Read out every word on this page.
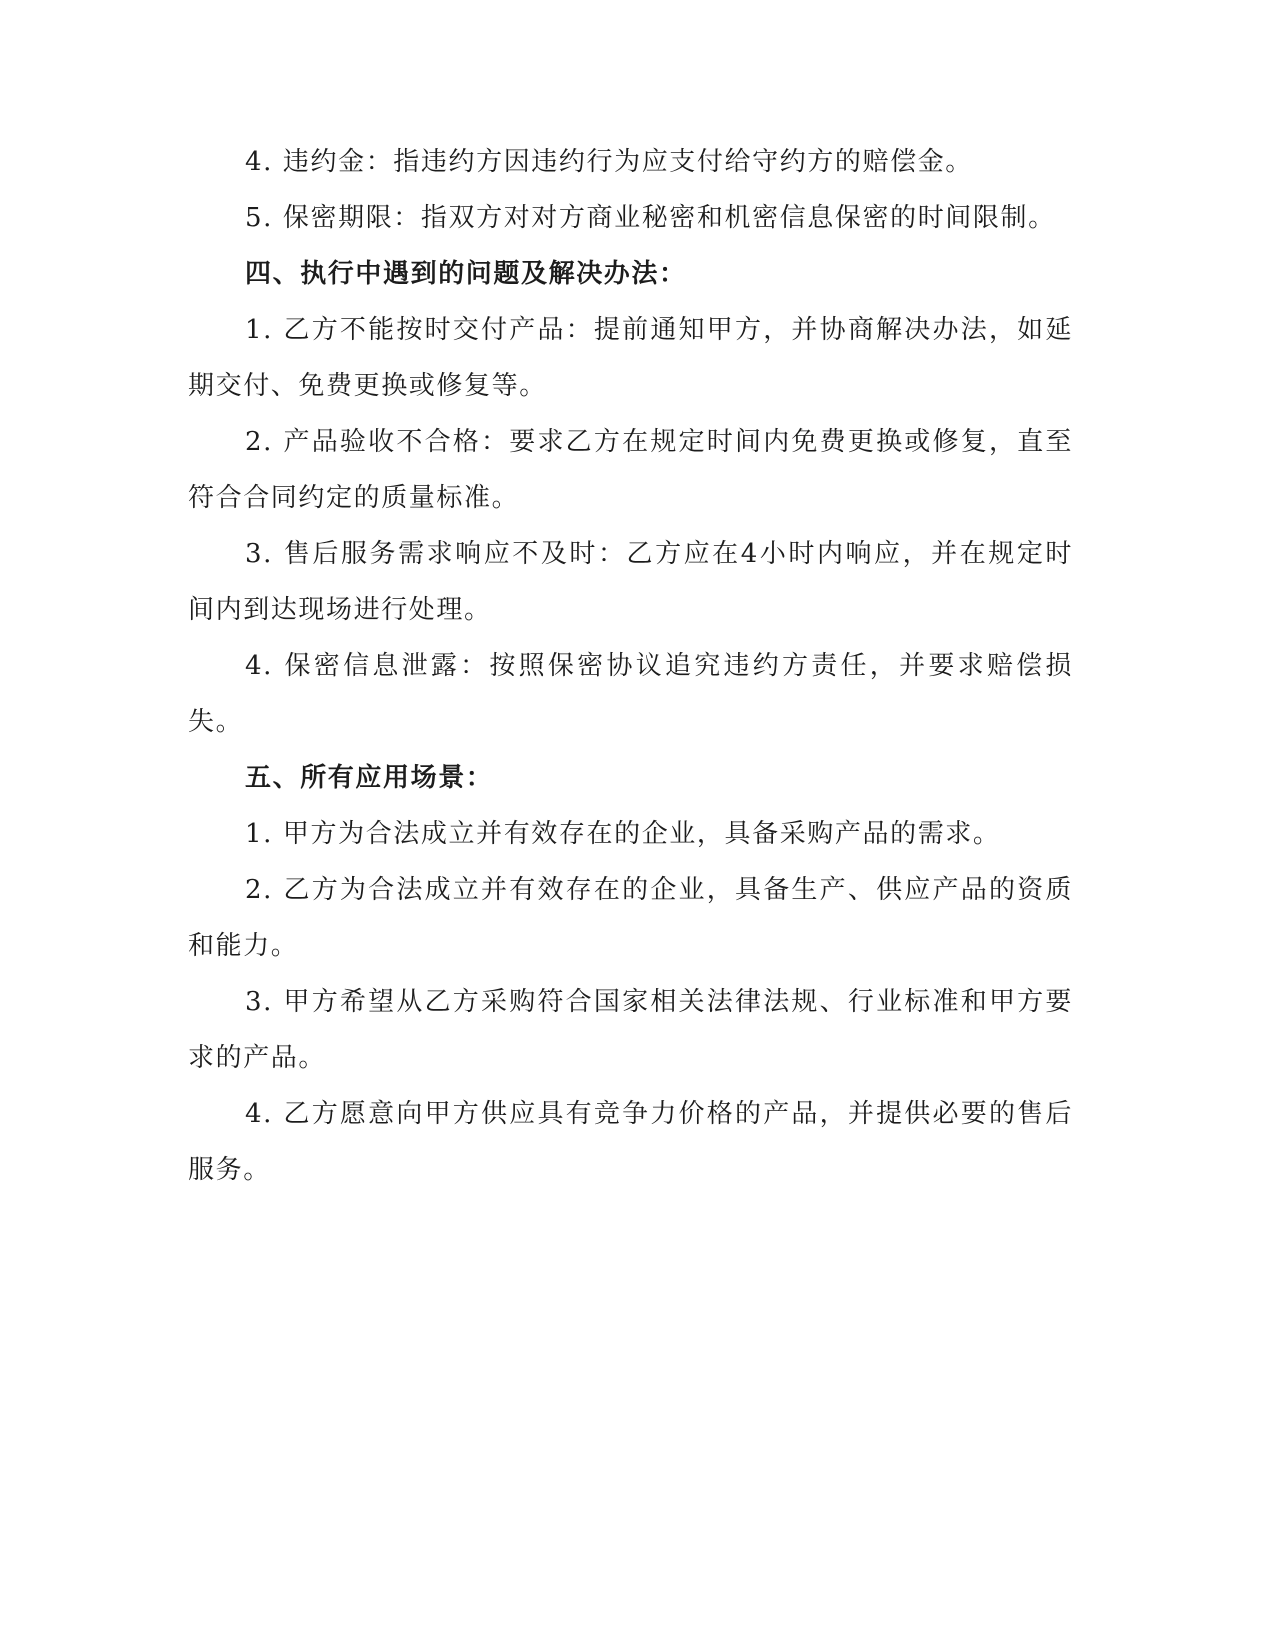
4. 违约金：指违约方因违约行为应支付给守约方的赔偿金。

5. 保密期限：指双方对对方商业秘密和机密信息保密的时间限制。

四、执行中遇到的问题及解决办法：

1. 乙方不能按时交付产品：提前通知甲方，并协商解决办法，如延期交付、免费更换或修复等。

2. 产品验收不合格：要求乙方在规定时间内免费更换或修复，直至符合合同约定的质量标准。

3. 售后服务需求响应不及时：乙方应在4小时内响应，并在规定时间内到达现场进行处理。

4. 保密信息泄露：按照保密协议追究违约方责任，并要求赔偿损失。

五、所有应用场景：

1. 甲方为合法成立并有效存在的企业，具备采购产品的需求。

2. 乙方为合法成立并有效存在的企业，具备生产、供应产品的资质和能力。

3. 甲方希望从乙方采购符合国家相关法律法规、行业标准和甲方要求的产品。

4. 乙方愿意向甲方供应具有竞争力价格的产品，并提供必要的售后服务。
